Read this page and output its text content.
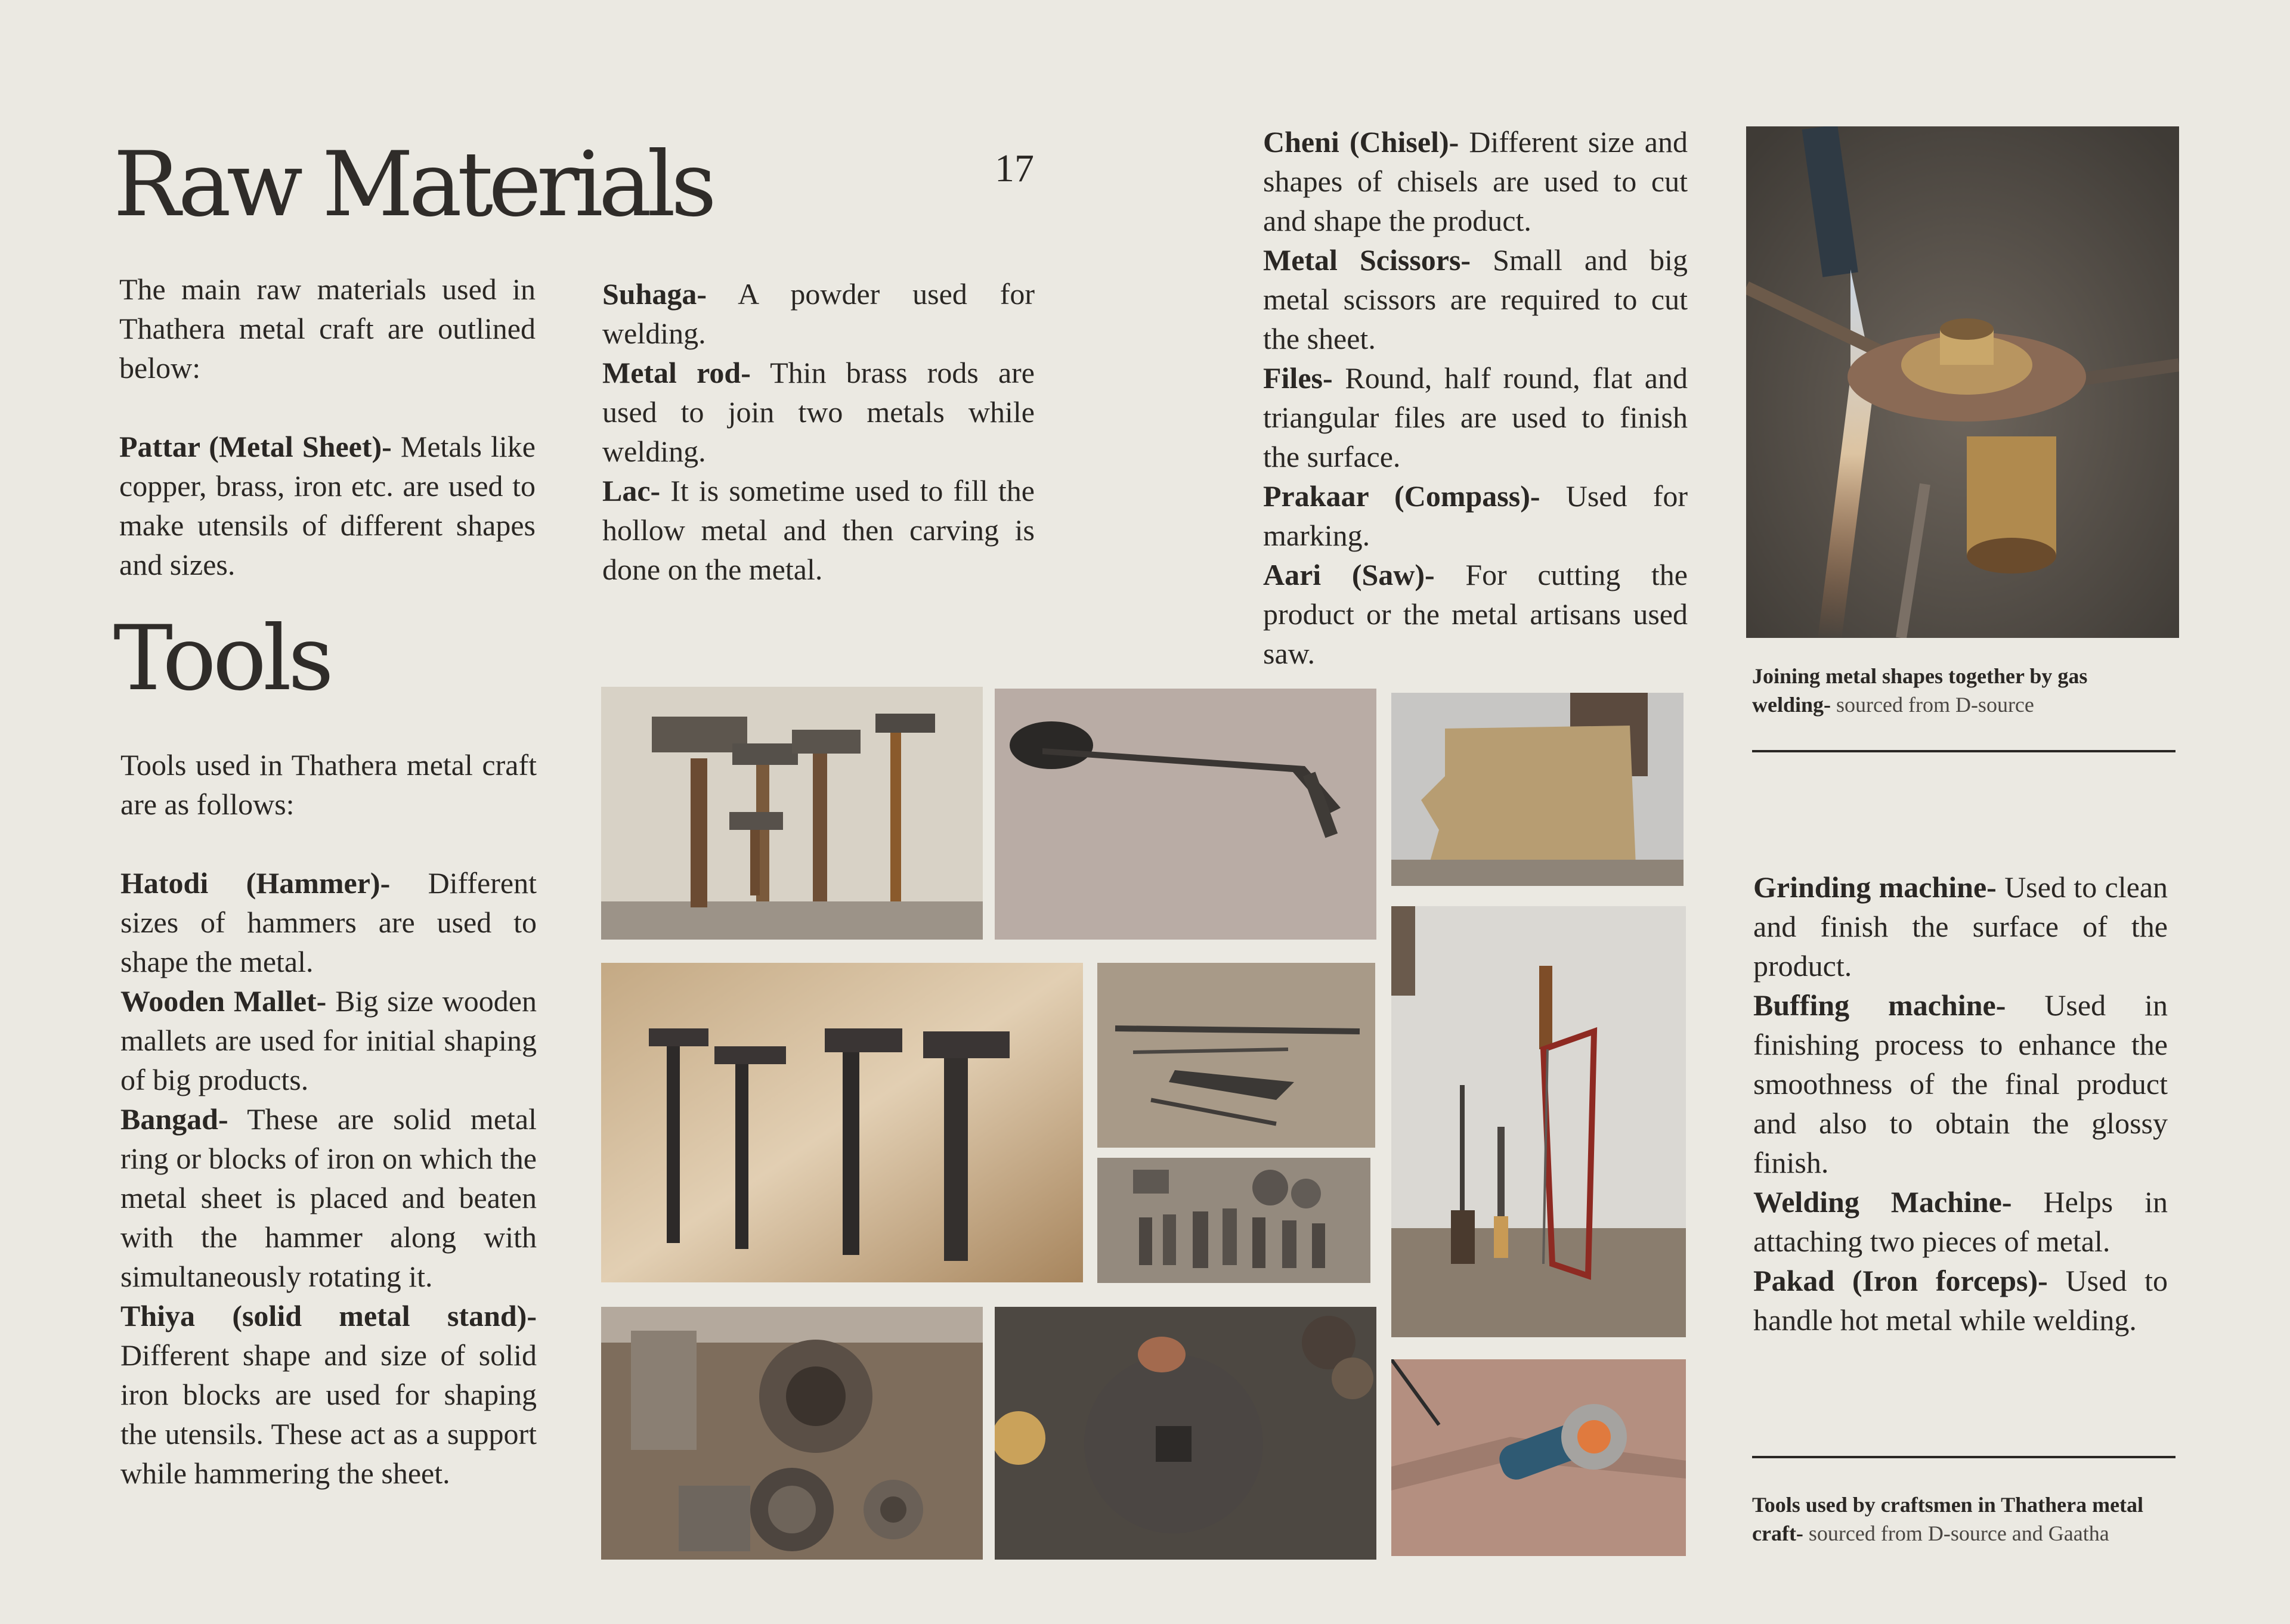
Raw Materials	17
Tools

The main raw materials used in Thathera metal craft are outlined below:

Pattar (Metal Sheet)- Metals like copper, brass, iron etc. are used to make utensils of different shapes and sizes.

Suhaga- A powder used for welding.

Metal rod- Thin brass rods are used to join two metals while welding.

Lac- It is sometime used to fill the hollow metal and then carving is done on the metal.

Tools used in Thathera metal craft are as follows:

Hatodi (Hammer)- Different sizes of hammers are used to shape the metal.

Wooden Mallet- Big size wooden mallets are used for initial shaping of big products.

Bangad- These are solid metal ring or blocks of iron on which the metal sheet is placed and beaten with the hammer along with simultaneously rotating it.

Thiya (solid metal stand)- Different shape and size of solid iron blocks are used for shaping the utensils. These act as a support while hammering the sheet.

Cheni (Chisel)- Different size and shapes of chisels are used to cut and shape the product.

Metal Scissors- Small and big metal scissors are required to cut the sheet.

Files- Round, half round, flat and triangular files are used to finish the surface.

Prakaar (Compass)- Used for marking.

Aari (Saw)- For cutting the product or the metal artisans used saw.

Grinding machine- Used to clean and finish the surface of the product.

Buffing machine- Used in finishing process to enhance the smoothness of the final product and also to obtain the glossy finish.

Welding Machine- Helps in attaching two pieces of metal.

Pakad (Iron forceps)- Used to handle hot metal while welding.

Joining metal shapes together by gas welding- sourced from D-source

Tools used by craftsmen in Thathera metal craft- sourced from D-source and Gaatha
